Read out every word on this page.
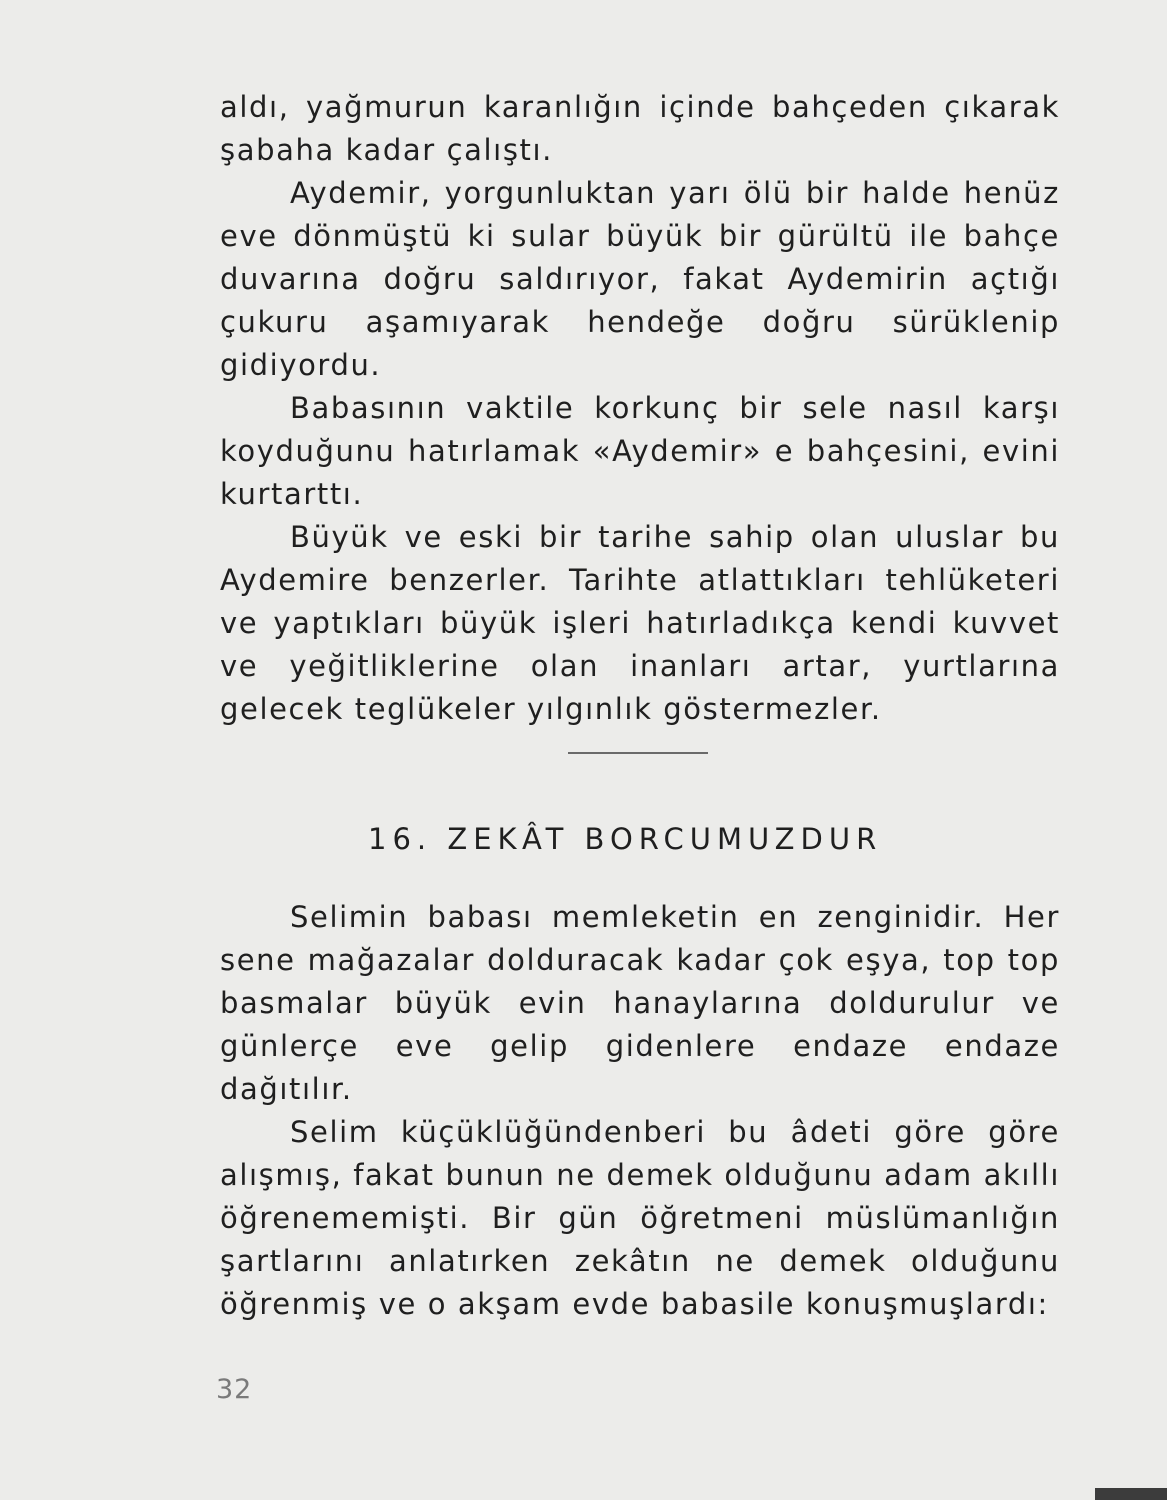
aldı, yağmurun karanlığın içinde bahçeden çıkarak şabaha kadar çalıştı.

Aydemir, yorgunluktan yarı ölü bir halde henüz eve dönmüştü ki sular büyük bir gürültü ile bahçe duvarına doğru saldırıyor, fakat Aydemirin açtığı çukuru aşamıyarak hendeğe doğru sürüklenip gidiyordu.

Babasının vaktile korkunç bir sele nasıl karşı koyduğunu hatırlamak «Aydemir» e bahçesini, evini kurtarttı.

Büyük ve eski bir tarihe sahip olan uluslar bu Aydemire benzerler. Tarihte atlattıkları tehlüketeri ve yaptıkları büyük işleri hatırladıkça kendi kuvvet ve yeğitliklerine olan inanları artar, yurtlarına gelecek teglükeler yılgınlık göstermezler.

16. ZEKÂT BORCUMUZDUR

Selimin babası memleketin en zenginidir. Her sene mağazalar dolduracak kadar çok eşya, top top basmalar büyük evin hanaylarına doldurulur ve günlerçe eve gelip gidenlere endaze endaze dağıtılır.

Selim küçüklüğündenberi bu âdeti göre göre alışmış, fakat bunun ne demek olduğunu adam akıllı öğrenememişti. Bir gün öğretmeni müslümanlığın şartlarını anlatırken zekâtın ne demek olduğunu öğrenmiş ve o akşam evde babasile konuşmuşlardı:

32
